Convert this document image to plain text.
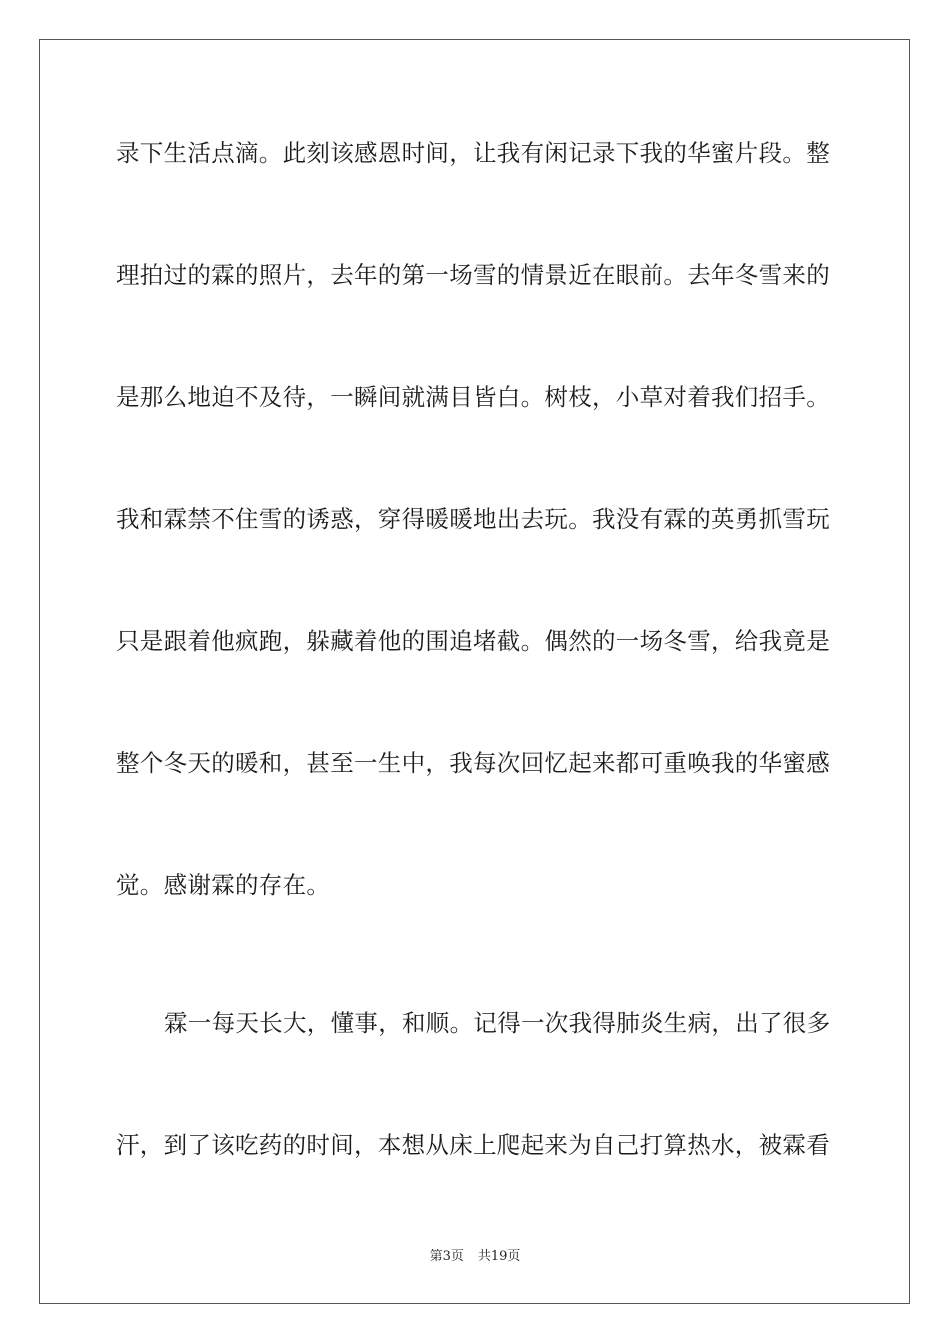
录下生活点滴。此刻该感恩时间，让我有闲记录下我的华蜜片段。整
理拍过的霖的照片，去年的第一场雪的情景近在眼前。去年冬雪来的
是那么地迫不及待，一瞬间就满目皆白。树枝，小草对着我们招手。
我和霖禁不住雪的诱惑，穿得暖暖地出去玩。我没有霖的英勇抓雪玩
只是跟着他疯跑，躲藏着他的围追堵截。偶然的一场冬雪，给我竟是
整个冬天的暖和，甚至一生中，我每次回忆起来都可重唤我的华蜜感
觉。感谢霖的存在。
霖一每天长大，懂事，和顺。记得一次我得肺炎生病，出了很多
汗，到了该吃药的时间，本想从床上爬起来为自己打算热水，被霖看
第3页 共19页
